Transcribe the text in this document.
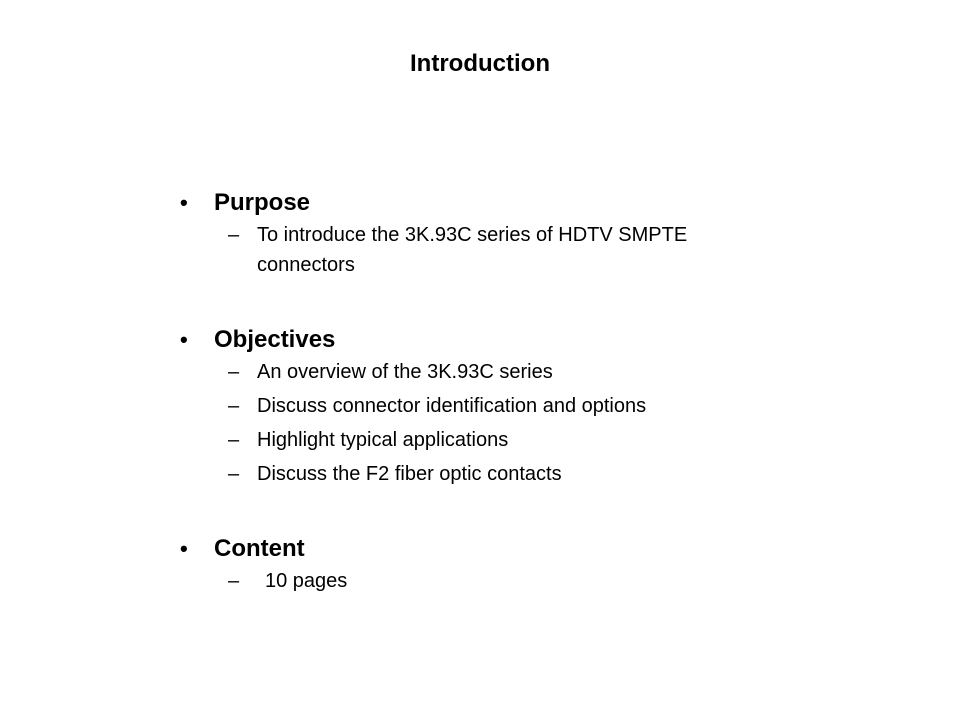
Introduction
• Purpose
– To introduce the 3K.93C series of HDTV SMPTE connectors
• Objectives
– An overview of the 3K.93C series
– Discuss connector identification and options
– Highlight typical applications
– Discuss the F2 fiber optic contacts
• Content
–	10 pages
